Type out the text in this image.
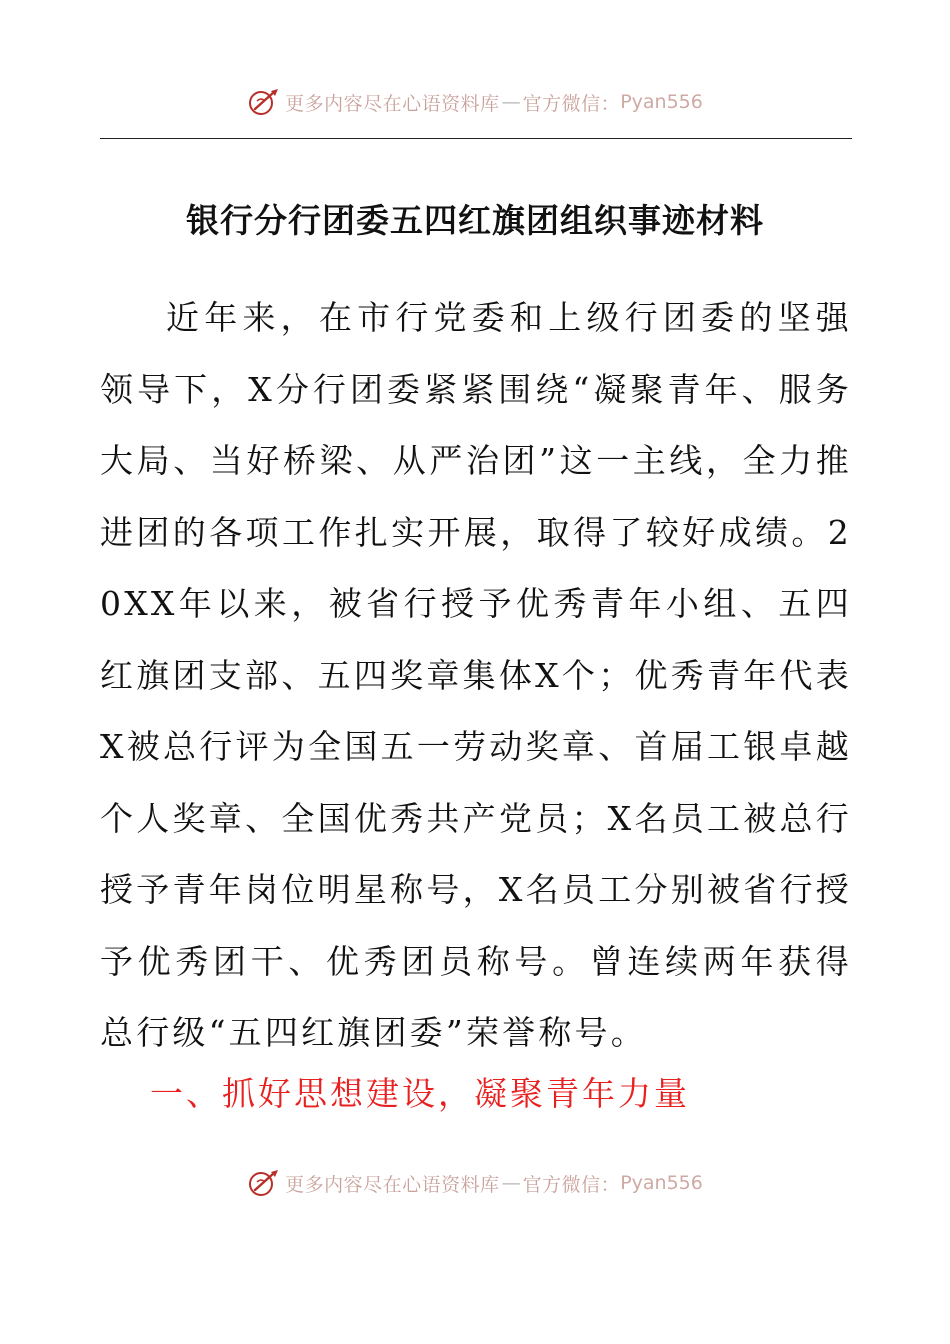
更多内容尽在心语资料库 — 官方微信： Pyan556
银行分行团委五四红旗团组织事迹材料

近年来，在市行党委和上级行团委的坚强领导下，X分行团委紧紧围绕“凝聚青年、服务大局、当好桥梁、从严治团”这一主线，全力推进团的各项工作扎实开展，取得了较好成绩。20XX年以来，被省行授予优秀青年小组、五四红旗团支部、五四奖章集体X个；优秀青年代表X被总行评为全国五一劳动奖章、首届工银卓越个人奖章、全国优秀共产党员；X名员工被总行授予青年岗位明星称号，X名员工分别被省行授予优秀团干、优秀团员称号。曾连续两年获得总行级“五四红旗团委”荣誉称号。

一、抓好思想建设，凝聚青年力量
更多内容尽在心语资料库 — 官方微信： Pyan556
